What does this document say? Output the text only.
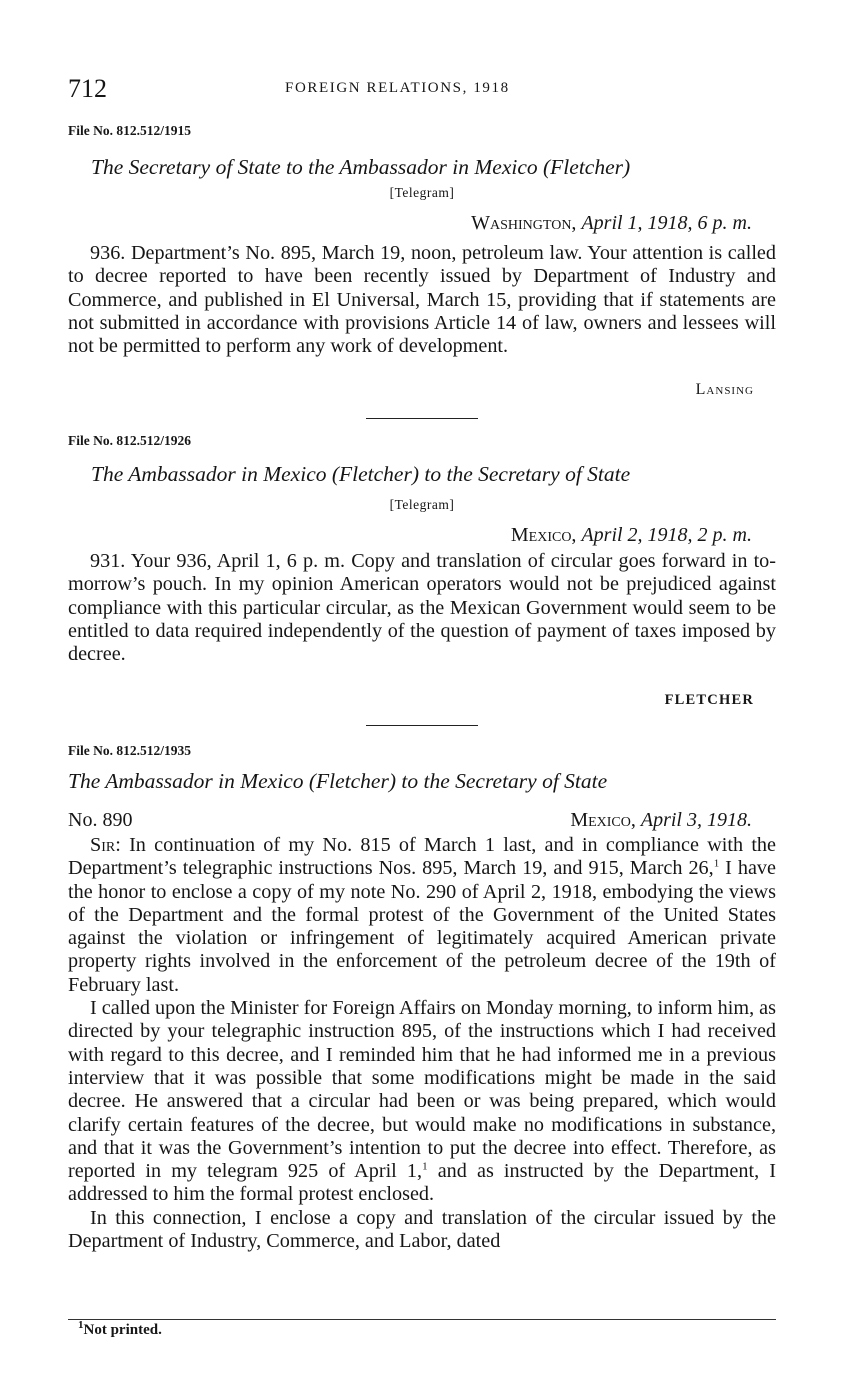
712	FOREIGN RELATIONS, 1918
File No. 812.512/1915
The Secretary of State to the Ambassador in Mexico (Fletcher)
[Telegram]
Washington, April 1, 1918, 6 p. m.

936. Department’s No. 895, March 19, noon, petroleum law. Your attention is called to decree reported to have been recently issued by Department of Industry and Commerce, and published in El Universal, March 15, providing that if statements are not submitted in accordance with provisions Article 14 of law, owners and lessees will not be permitted to perform any work of development.

Lansing
File No. 812.512/1926
The Ambassador in Mexico (Fletcher) to the Secretary of State
[Telegram]
Mexico, April 2, 1918, 2 p. m.

931. Your 936, April 1, 6 p. m. Copy and translation of circular goes forward in to-morrow’s pouch. In my opinion American operators would not be prejudiced against compliance with this particular circular, as the Mexican Government would seem to be entitled to data required independently of the question of payment of taxes imposed by decree.

FLETCHER
File No. 812.512/1935
The Ambassador in Mexico (Fletcher) to the Secretary of State
No. 890	Mexico, April 3, 1918.

Sir: In continuation of my No. 815 of March 1 last, and in compliance with the Department’s telegraphic instructions Nos. 895, March 19, and 915, March 26,$^1$ I have the honor to enclose a copy of my note No. 290 of April 2, 1918, embodying the views of the Department and the formal protest of the Government of the United States against the violation or infringement of legitimately acquired American private property rights involved in the enforcement of the petroleum decree of the 19th of February last.

I called upon the Minister for Foreign Affairs on Monday morning, to inform him, as directed by your telegraphic instruction 895, of the instructions which I had received with regard to this decree, and I reminded him that he had informed me in a previous interview that it was possible that some modifications might be made in the said decree. He answered that a circular had been or was being prepared, which would clarify certain features of the decree, but would make no modifications in substance, and that it was the Government’s intention to put the decree into effect. Therefore, as reported in my telegram 925 of April 1,$^1$ and as instructed by the Department, I addressed to him the formal protest enclosed.

In this connection, I enclose a copy and translation of the circular issued by the Department of Industry, Commerce, and Labor, dated

$^1$Not printed.
